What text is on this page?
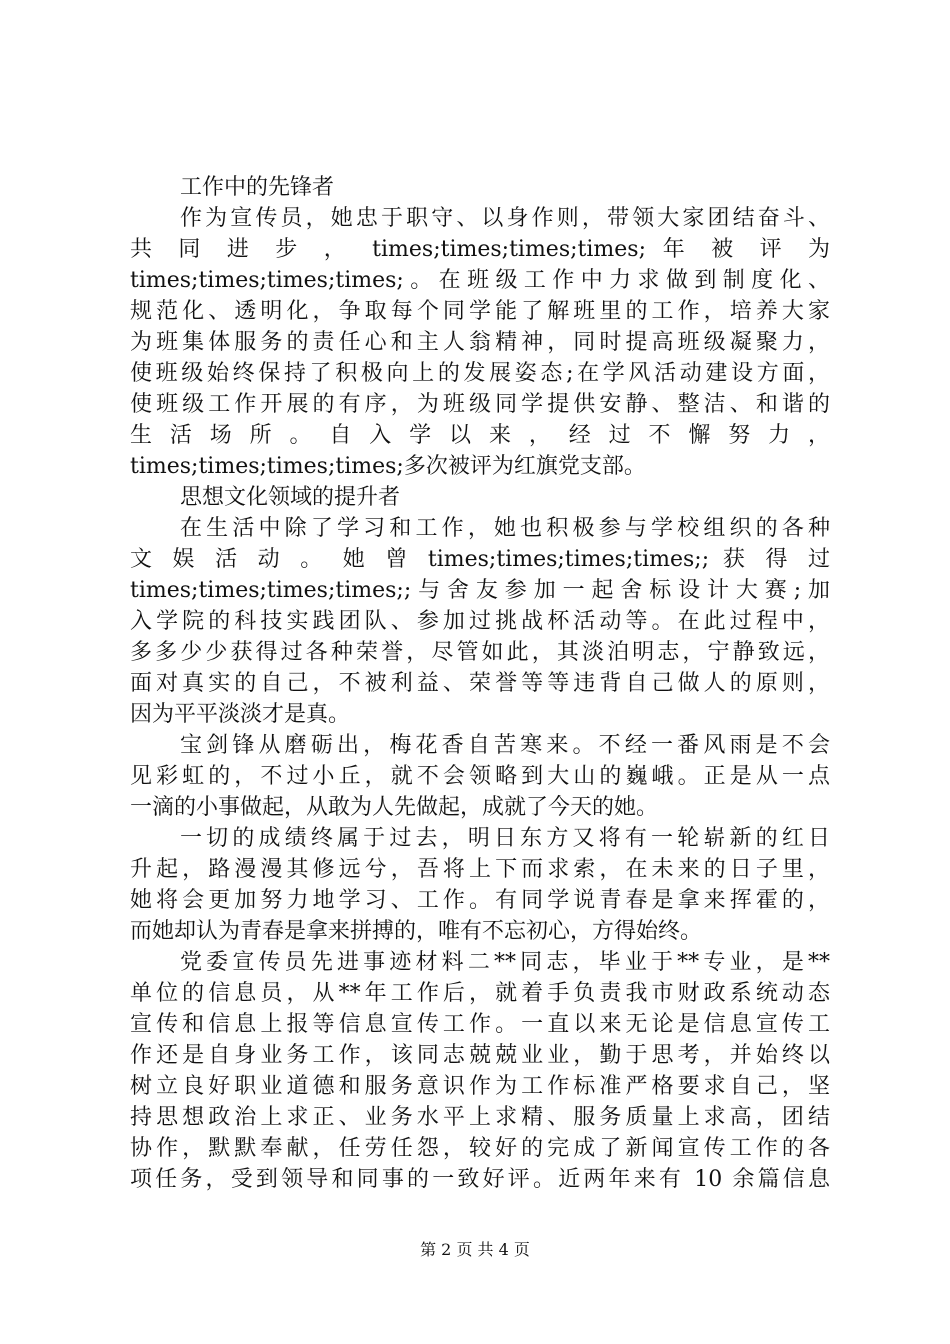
工作中的先锋者
作为宣传员，她忠于职守、以身作则，带领大家团结奋斗、
共 同 进 步 ， times;times;times;times; 年 被 评 为
times;times;times;times;。在班级工作中力求做到制度化、
规范化、透明化，争取每个同学能了解班里的工作，培养大家
为班集体服务的责任心和主人翁精神，同时提高班级凝聚力，
使班级始终保持了积极向上的发展姿态;在学风活动建设方面，
使班级工作开展的有序，为班级同学提供安静、整洁、和谐的
生 活 场 所 。 自 入 学 以 来 ， 经 过 不 懈 努 力 ，
times;times;times;times;多次被评为红旗党支部。
思想文化领域的提升者
在生活中除了学习和工作，她也积极参与学校组织的各种
文 娱 活 动 。 她 曾 times;times;times;times;; 获 得 过
times;times;times;times;;与舍友参加一起舍标设计大赛;加
入学院的科技实践团队、参加过挑战杯活动等。在此过程中，
多多少少获得过各种荣誉，尽管如此，其淡泊明志，宁静致远，
面对真实的自己，不被利益、荣誉等等违背自己做人的原则，
因为平平淡淡才是真。
宝剑锋从磨砺出，梅花香自苦寒来。不经一番风雨是不会
见彩虹的，不过小丘，就不会领略到大山的巍峨。正是从一点
一滴的小事做起，从敢为人先做起，成就了今天的她。
一切的成绩终属于过去，明日东方又将有一轮崭新的红日
升起，路漫漫其修远兮，吾将上下而求索，在未来的日子里，
她将会更加努力地学习、工作。有同学说青春是拿来挥霍的，
而她却认为青春是拿来拼搏的，唯有不忘初心，方得始终。
党委宣传员先进事迹材料二**同志，毕业于**专业，是**
单位的信息员，从**年工作后，就着手负责我市财政系统动态
宣传和信息上报等信息宣传工作。一直以来无论是信息宣传工
作还是自身业务工作，该同志兢兢业业，勤于思考，并始终以
树立良好职业道德和服务意识作为工作标准严格要求自己，坚
持思想政治上求正、业务水平上求精、服务质量上求高，团结
协作，默默奉献，任劳任怨，较好的完成了新闻宣传工作的各
项任务，受到领导和同事的一致好评。近两年来有 10 余篇信息
第 2 页 共 4 页
